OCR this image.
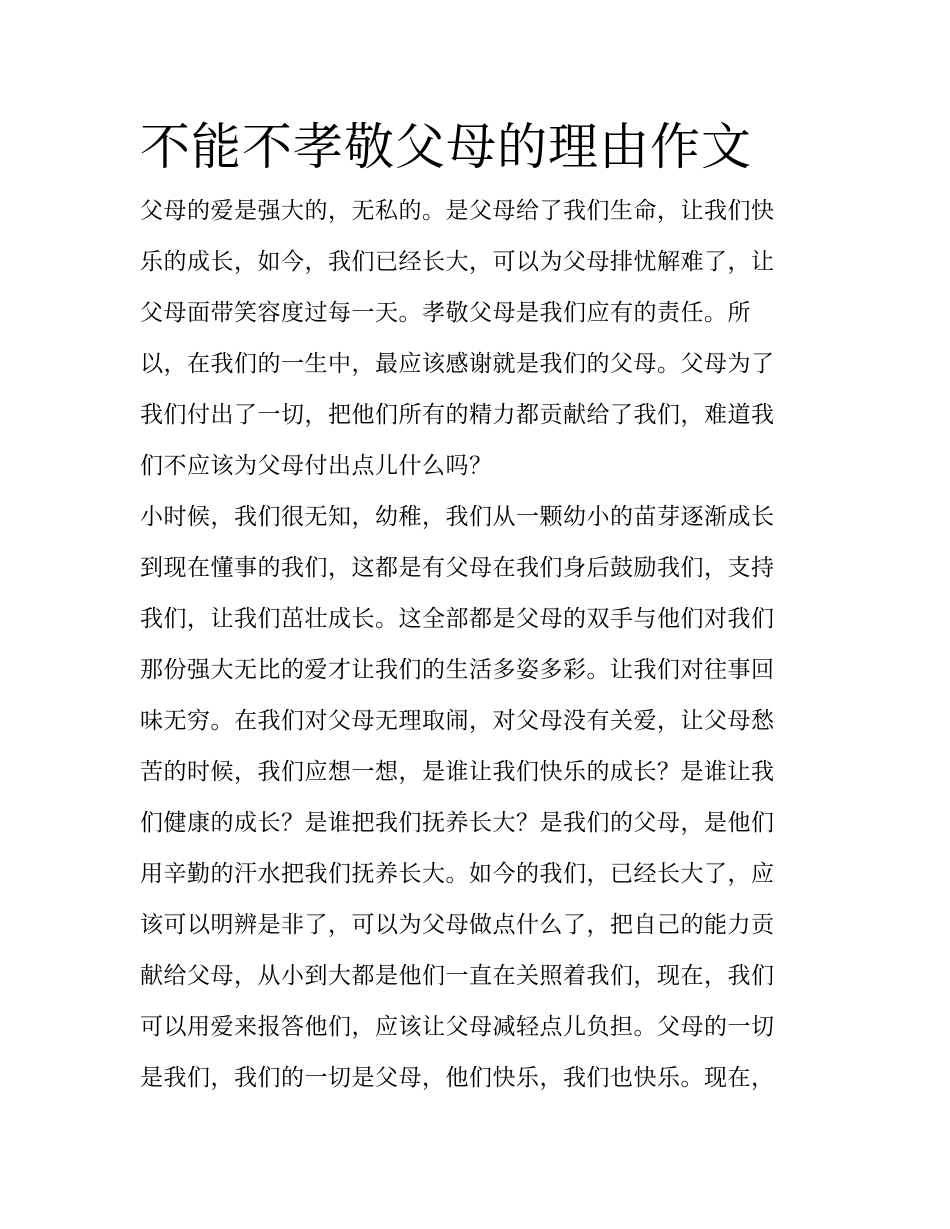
不能不孝敬父母的理由作文
父母的爱是强大的，无私的。是父母给了我们生命，让我们快
乐的成长，如今，我们已经长大，可以为父母排忧解难了，让
父母面带笑容度过每一天。孝敬父母是我们应有的责任。所
以，在我们的一生中，最应该感谢就是我们的父母。父母为了
我们付出了一切，把他们所有的精力都贡献给了我们，难道我
们不应该为父母付出点儿什么吗？
小时候，我们很无知，幼稚，我们从一颗幼小的苗芽逐渐成长
到现在懂事的我们，这都是有父母在我们身后鼓励我们，支持
我们，让我们茁壮成长。这全部都是父母的双手与他们对我们
那份强大无比的爱才让我们的生活多姿多彩。让我们对往事回
味无穷。在我们对父母无理取闹，对父母没有关爱，让父母愁
苦的时候，我们应想一想，是谁让我们快乐的成长？是谁让我
们健康的成长？是谁把我们抚养长大？是我们的父母，是他们
用辛勤的汗水把我们抚养长大。如今的我们，已经长大了，应
该可以明辨是非了，可以为父母做点什么了，把自己的能力贡
献给父母，从小到大都是他们一直在关照着我们，现在，我们
可以用爱来报答他们，应该让父母减轻点儿负担。父母的一切
是我们，我们的一切是父母，他们快乐，我们也快乐。现在，
